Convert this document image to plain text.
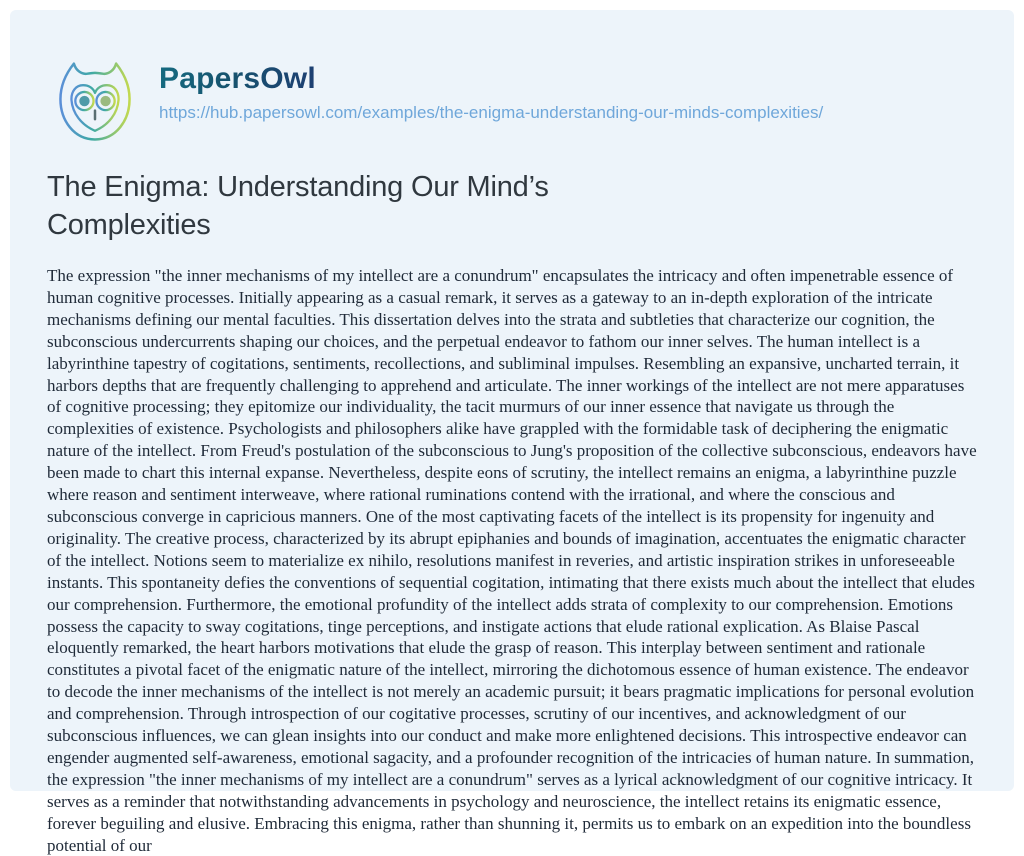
PapersOwl
https://hub.papersowl.com/examples/the-enigma-understanding-our-minds-complexities/
The Enigma: Understanding Our Mind’s Complexities

The expression "the inner mechanisms of my intellect are a conundrum" encapsulates the intricacy and often impenetrable essence of human cognitive processes. Initially appearing as a casual remark, it serves as a gateway to an in-depth exploration of the intricate mechanisms defining our mental faculties. This dissertation delves into the strata and subtleties that characterize our cognition, the subconscious undercurrents shaping our choices, and the perpetual endeavor to fathom our inner selves. The human intellect is a labyrinthine tapestry of cogitations, sentiments, recollections, and subliminal impulses. Resembling an expansive, uncharted terrain, it harbors depths that are frequently challenging to apprehend and articulate. The inner workings of the intellect are not mere apparatuses of cognitive processing; they epitomize our individuality, the tacit murmurs of our inner essence that navigate us through the complexities of existence. Psychologists and philosophers alike have grappled with the formidable task of deciphering the enigmatic nature of the intellect. From Freud's postulation of the subconscious to Jung's proposition of the collective subconscious, endeavors have been made to chart this internal expanse. Nevertheless, despite eons of scrutiny, the intellect remains an enigma, a labyrinthine puzzle where reason and sentiment interweave, where rational ruminations contend with the irrational, and where the conscious and subconscious converge in capricious manners. One of the most captivating facets of the intellect is its propensity for ingenuity and originality. The creative process, characterized by its abrupt epiphanies and bounds of imagination, accentuates the enigmatic character of the intellect. Notions seem to materialize ex nihilo, resolutions manifest in reveries, and artistic inspiration strikes in unforeseeable instants. This spontaneity defies the conventions of sequential cogitation, intimating that there exists much about the intellect that eludes our comprehension. Furthermore, the emotional profundity of the intellect adds strata of complexity to our comprehension. Emotions possess the capacity to sway cogitations, tinge perceptions, and instigate actions that elude rational explication. As Blaise Pascal eloquently remarked, the heart harbors motivations that elude the grasp of reason. This interplay between sentiment and rationale constitutes a pivotal facet of the enigmatic nature of the intellect, mirroring the dichotomous essence of human existence. The endeavor to decode the inner mechanisms of the intellect is not merely an academic pursuit; it bears pragmatic implications for personal evolution and comprehension. Through introspection of our cogitative processes, scrutiny of our incentives, and acknowledgment of our subconscious influences, we can glean insights into our conduct and make more enlightened decisions. This introspective endeavor can engender augmented self-awareness, emotional sagacity, and a profounder recognition of the intricacies of human nature. In summation, the expression "the inner mechanisms of my intellect are a conundrum" serves as a lyrical acknowledgment of our cognitive intricacy. It serves as a reminder that notwithstanding advancements in psychology and neuroscience, the intellect retains its enigmatic essence, forever beguiling and elusive. Embracing this enigma, rather than shunning it, permits us to embark on an expedition into the boundless potential of our
